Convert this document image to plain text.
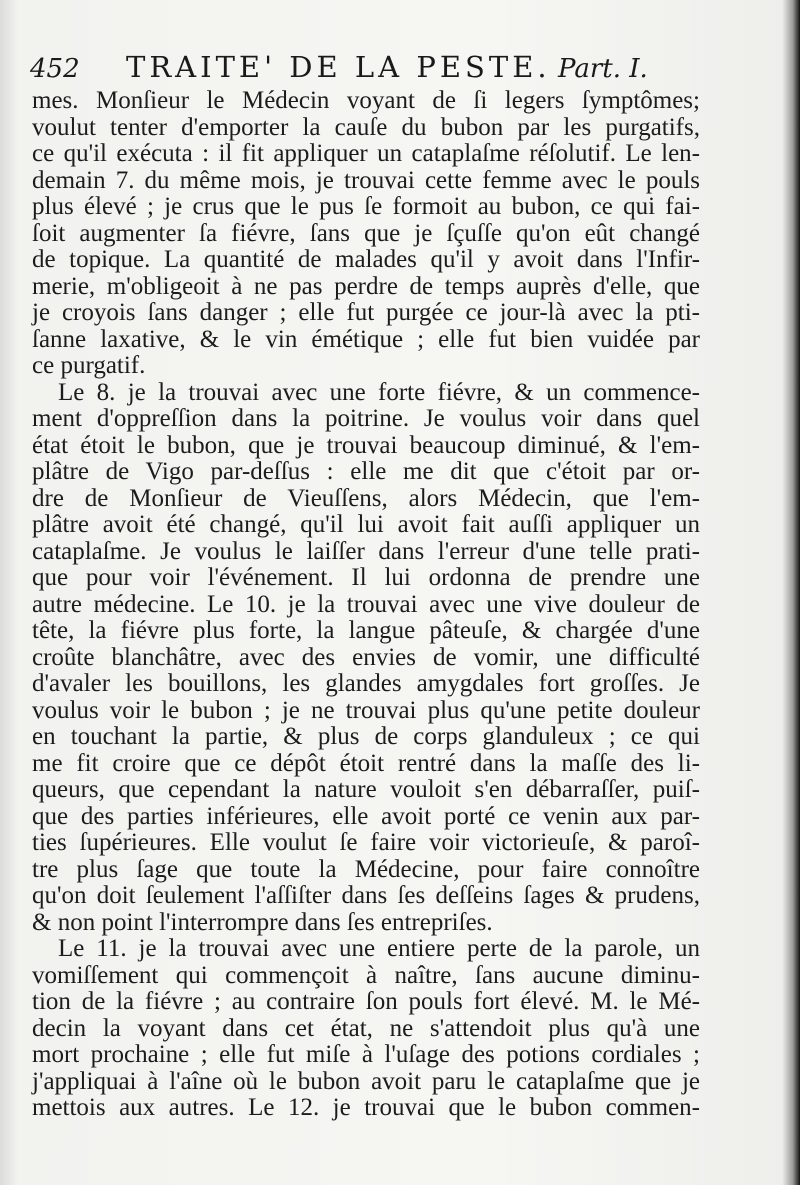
452 TRAITE' DE LA PESTE. Part. I.
mes. Monſieur le Médecin voyant de ſi legers ſymptômes;
voulut tenter d'emporter la cauſe du bubon par les purgatifs,
ce qu'il exécuta : il fit appliquer un cataplaſme réſolutif. Le len-
demain 7. du même mois, je trouvai cette femme avec le pouls
plus élevé ; je crus que le pus ſe formoit au bubon, ce qui fai-
ſoit augmenter ſa fiévre, ſans que je ſçuſſe qu'on eût changé
de topique. La quantité de malades qu'il y avoit dans l'Infir-
merie, m'obligeoit à ne pas perdre de temps auprès d'elle, que
je croyois ſans danger ; elle fut purgée ce jour-là avec la pti-
ſanne laxative, & le vin émétique ; elle fut bien vuidée par
ce purgatif.
Le 8. je la trouvai avec une forte fiévre, & un commence-
ment d'oppreſſion dans la poitrine. Je voulus voir dans quel
état étoit le bubon, que je trouvai beaucoup diminué, & l'em-
plâtre de Vigo par-deſſus : elle me dit que c'étoit par or-
dre de Monſieur de Vieuſſens, alors Médecin, que l'em-
plâtre avoit été changé, qu'il lui avoit fait auſſi appliquer un
cataplaſme. Je voulus le laiſſer dans l'erreur d'une telle prati-
que pour voir l'événement. Il lui ordonna de prendre une
autre médecine. Le 10. je la trouvai avec une vive douleur de
tête, la fiévre plus forte, la langue pâteuſe, & chargée d'une
croûte blanchâtre, avec des envies de vomir, une difficulté
d'avaler les bouillons, les glandes amygdales fort groſſes. Je
voulus voir le bubon ; je ne trouvai plus qu'une petite douleur
en touchant la partie, & plus de corps glanduleux ; ce qui
me fit croire que ce dépôt étoit rentré dans la maſſe des li-
queurs, que cependant la nature vouloit s'en débarraſſer, puiſ-
que des parties inférieures, elle avoit porté ce venin aux par-
ties ſupérieures. Elle voulut ſe faire voir victorieuſe, & paroî-
tre plus ſage que toute la Médecine, pour faire connoître
qu'on doit ſeulement l'aſſiſter dans ſes deſſeins ſages & prudens,
& non point l'interrompre dans ſes entrepriſes.
Le 11. je la trouvai avec une entiere perte de la parole, un
vomiſſement qui commençoit à naître, ſans aucune diminu-
tion de la fiévre ; au contraire ſon pouls fort élevé. M. le Mé-
decin la voyant dans cet état, ne s'attendoit plus qu'à une
mort prochaine ; elle fut miſe à l'uſage des potions cordiales ;
j'appliquai à l'aîne où le bubon avoit paru le cataplaſme que je
mettois aux autres. Le 12. je trouvai que le bubon commen-
